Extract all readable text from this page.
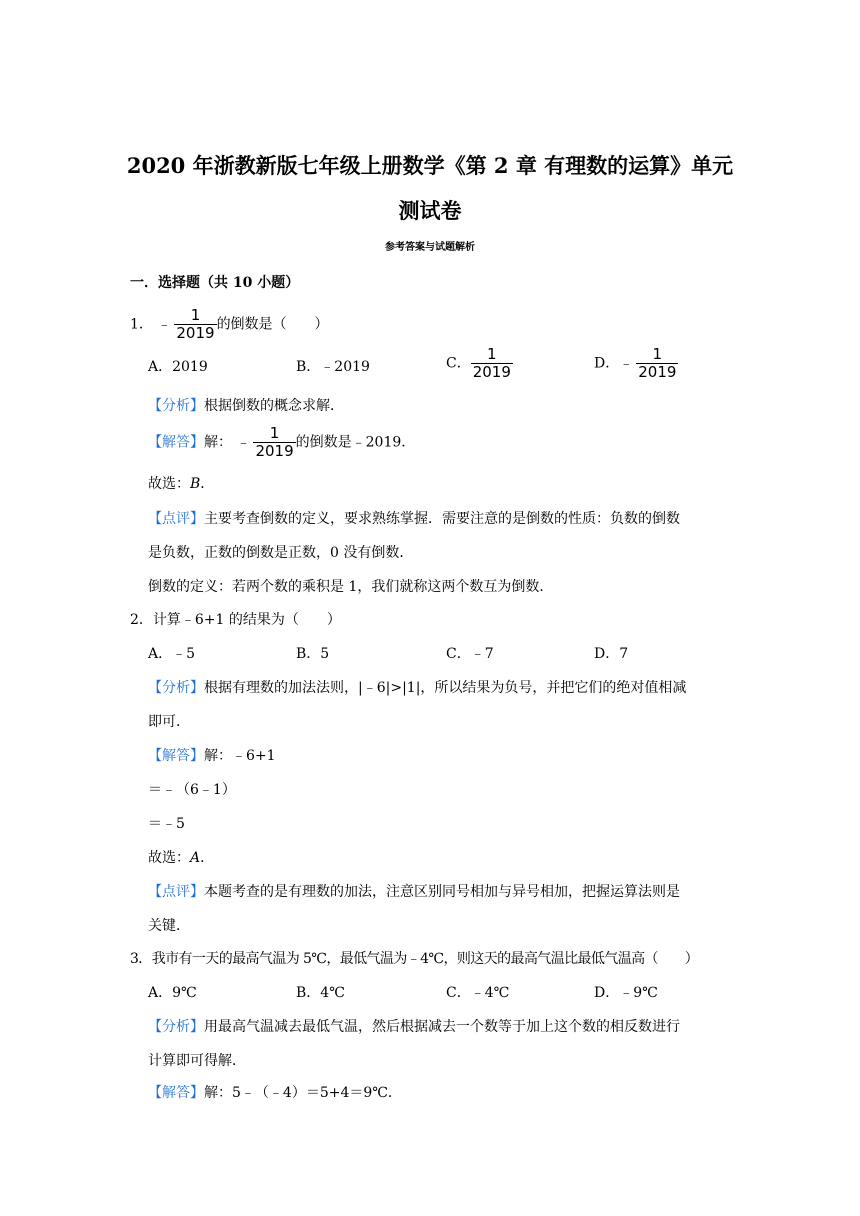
2020 年浙教新版七年级上册数学《第 2 章 有理数的运算》单元
测试卷
参考答案与试题解析
一．选择题（共 10 小题）
1． ﹣ $\frac{1}{2019}$ 的倒数是（　　）
A．2019	B．﹣2019	C． $\frac{1}{2019}$	D．﹣ $\frac{1}{2019}$
【分析】根据倒数的概念求解．
【解答】解： ﹣ $\frac{1}{2019}$ 的倒数是﹣2019．
故选：B．
【点评】主要考查倒数的定义，要求熟练掌握．需要注意的是倒数的性质：负数的倒数
是负数，正数的倒数是正数，0 没有倒数．
倒数的定义：若两个数的乘积是 1，我们就称这两个数互为倒数．
2．计算﹣6+1 的结果为（　　）
A．﹣5	B．5	C．﹣7	D．7
【分析】根据有理数的加法法则，|﹣6|>|1|，所以结果为负号，并把它们的绝对值相减
即可．
【解答】解：﹣6+1
＝﹣（6﹣1）
＝﹣5
故选：A．
【点评】本题考查的是有理数的加法，注意区别同号相加与异号相加，把握运算法则是
关键．
3．我市有一天的最高气温为 5℃，最低气温为﹣4℃，则这天的最高气温比最低气温高（　　）
A．9℃	B．4℃	C．﹣4℃	D．﹣9℃
【分析】用最高气温减去最低气温，然后根据减去一个数等于加上这个数的相反数进行
计算即可得解．
【解答】解：5﹣（﹣4）＝5+4＝9℃．
